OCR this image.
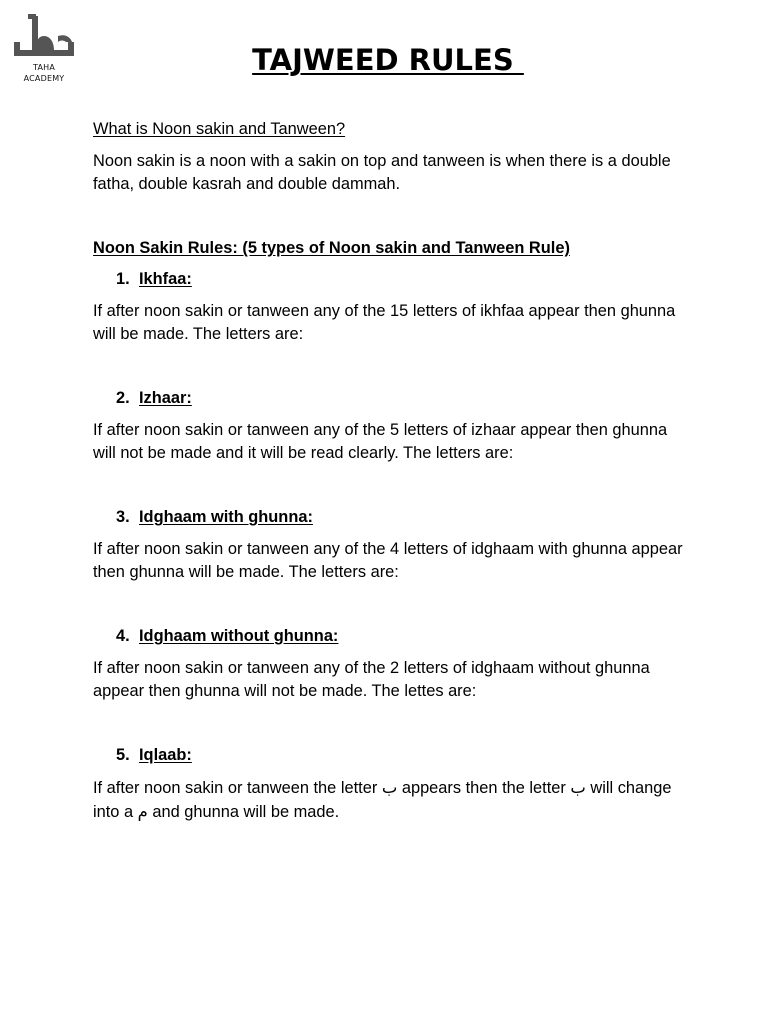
TAHA
ACADEMY
TAJWEED RULES

What is Noon sakin and Tanween?

Noon sakin is a noon with a sakin on top and tanween is when there is a double fatha, double kasrah and double dammah.

Noon Sakin Rules: (5 types of Noon sakin and Tanween Rule)

1. Ikhfaa:

If after noon sakin or tanween any of the 15 letters of ikhfaa appear then ghunna will be made. The letters are:

2. Izhaar:

If after noon sakin or tanween any of the 5 letters of izhaar appear then ghunna will not be made and it will be read clearly. The letters are:

3. Idghaam with ghunna:

If after noon sakin or tanween any of the 4 letters of idghaam with ghunna appear then ghunna will be made. The letters are:

4. Idghaam without ghunna:

If after noon sakin or tanween any of the 2 letters of idghaam without ghunna appear then ghunna will not be made. The lettes are:

5. Iqlaab:

If after noon sakin or tanween the letter ب appears then the letter ب will change into a م and ghunna will be made.
